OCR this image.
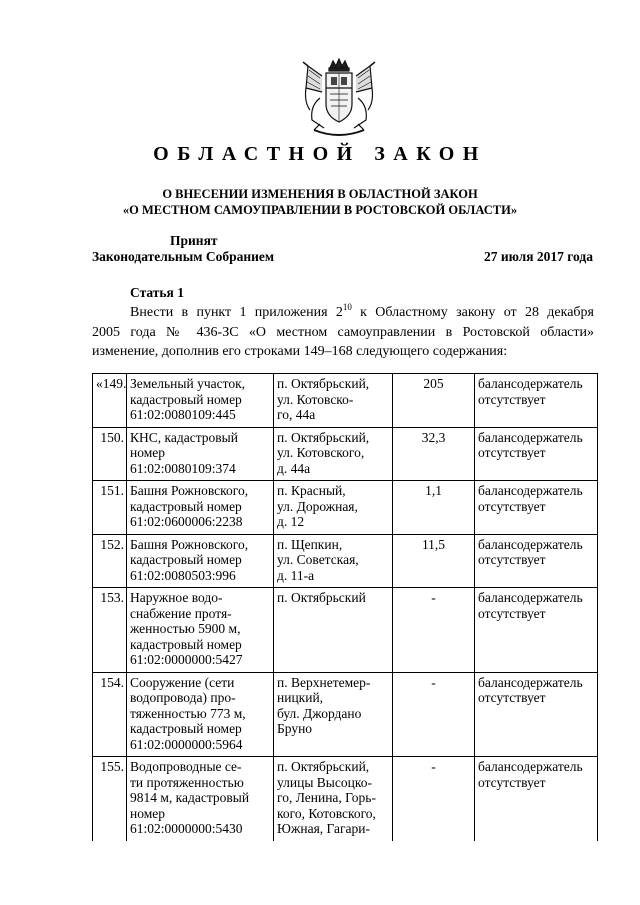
ОБЛАСТНОЙ ЗАКОН
О ВНЕСЕНИИ ИЗМЕНЕНИЯ В ОБЛАСТНОЙ ЗАКОН
«О МЕСТНОМ САМОУПРАВЛЕНИИ В РОСТОВСКОЙ ОБЛАСТИ»
Принят
Законодательным Собранием	27 июля 2017 года
Статья 1

Внести в пункт 1 приложения $2^{10}$ к Областному закону от 28 декабря

2005 года № 436-ЗС «О местном самоуправлении в Ростовской области»

изменение, дополнив его строками 149–168 следующего содержания:

«149.	Земельный участок,
кадастровый номер
61:02:0080109:445	п. Октябрьский,
ул. Котовско-
го, 44а	205	балансодержатель
отсутствует

150.	КНС, кадастровый
номер
61:02:0080109:374	п. Октябрьский,
ул. Котовского,
д. 44а	32,3	балансодержатель
отсутствует

151.	Башня Рожновского,
кадастровый номер
61:02:0600006:2238	п. Красный,
ул. Дорожная,
д. 12	1,1	балансодержатель
отсутствует

152.	Башня Рожновского,
кадастровый номер
61:02:0080503:996	п. Щепкин,
ул. Советская,
д. 11-а	11,5	балансодержатель
отсутствует

153.	Наружное водо-
снабжение протя-
женностью 5900 м,
кадастровый номер
61:02:0000000:5427	п. Октябрьский	-	балансодержатель
отсутствует

154.	Сооружение (сети
водопровода) про-
тяженностью 773 м,
кадастровый номер
61:02:0000000:5964	п. Верхнетемер-
ницкий,
бул. Джордано
Бруно	-	балансодержатель
отсутствует

155.	Водопроводные се-
ти протяженностью
9814 м, кадастровый
номер
61:02:0000000:5430	п. Октябрьский,
улицы Высоцко-
го, Ленина, Горь-
кого, Котовского,
Южная, Гагари-	-	балансодержатель
отсутствует
